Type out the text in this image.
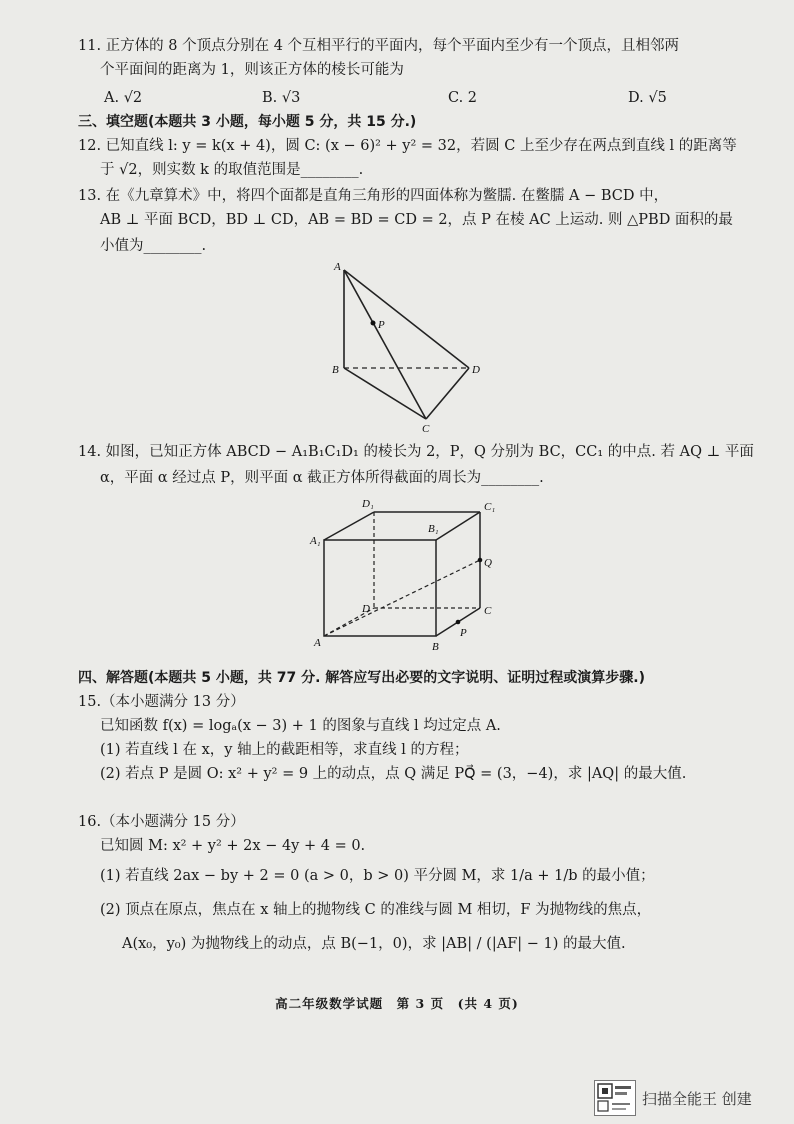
11. 正方体的 8 个顶点分别在 4 个互相平行的平面内，每个平面内至少有一个顶点，且相邻两
个平面间的距离为 1，则该正方体的棱长可能为
A. √2	B. √3	C. 2	D. √5
三、填空题(本题共 3 小题，每小题 5 分，共 15 分.)
12. 已知直线 l: y = k(x + 4)，圆 C: (x − 6)² + y² = 32，若圆 C 上至少存在两点到直线 l 的距离等
于 √2，则实数 k 的取值范围是________.
13. 在《九章算术》中，将四个面都是直角三角形的四面体称为鳖臑. 在鳖臑 A − BCD 中，
AB ⊥ 平面 BCD，BD ⊥ CD，AB = BD = CD = 2，点 P 在棱 AC 上运动. 则 △PBD 面积的最
小值为________.
A
P
B	D
C
14. 如图，已知正方体 ABCD − A₁B₁C₁D₁ 的棱长为 2，P，Q 分别为 BC，CC₁ 的中点. 若 AQ ⊥ 平面
α，平面 α 经过点 P，则平面 α 截正方体所得截面的周长为________.
D₁	C₁
B₁
A₁
Q
D	C
P
A	B
四、解答题(本题共 5 小题，共 77 分. 解答应写出必要的文字说明、证明过程或演算步骤.)
15.（本小题满分 13 分）
已知函数 f(x) = logₐ(x − 3) + 1 的图象与直线 l 均过定点 A.
(1) 若直线 l 在 x，y 轴上的截距相等，求直线 l 的方程；
(2) 若点 P 是圆 O: x² + y² = 9 上的动点，点 Q 满足 PQ⃗ = (3，−4)，求 |AQ| 的最大值.
16.（本小题满分 15 分）
已知圆 M: x² + y² + 2x − 4y + 4 = 0.
(1) 若直线 2ax − by + 2 = 0 (a > 0，b > 0) 平分圆 M，求 1/a + 1/b 的最小值；
(2) 顶点在原点，焦点在 x 轴上的抛物线 C 的准线与圆 M 相切，F 为抛物线的焦点，
A(x₀，y₀) 为抛物线上的动点，点 B(−1，0)，求 |AB| / (|AF| − 1) 的最大值.
高二年级数学试题　第 3 页　(共 4 页)
扫描全能王 创建
